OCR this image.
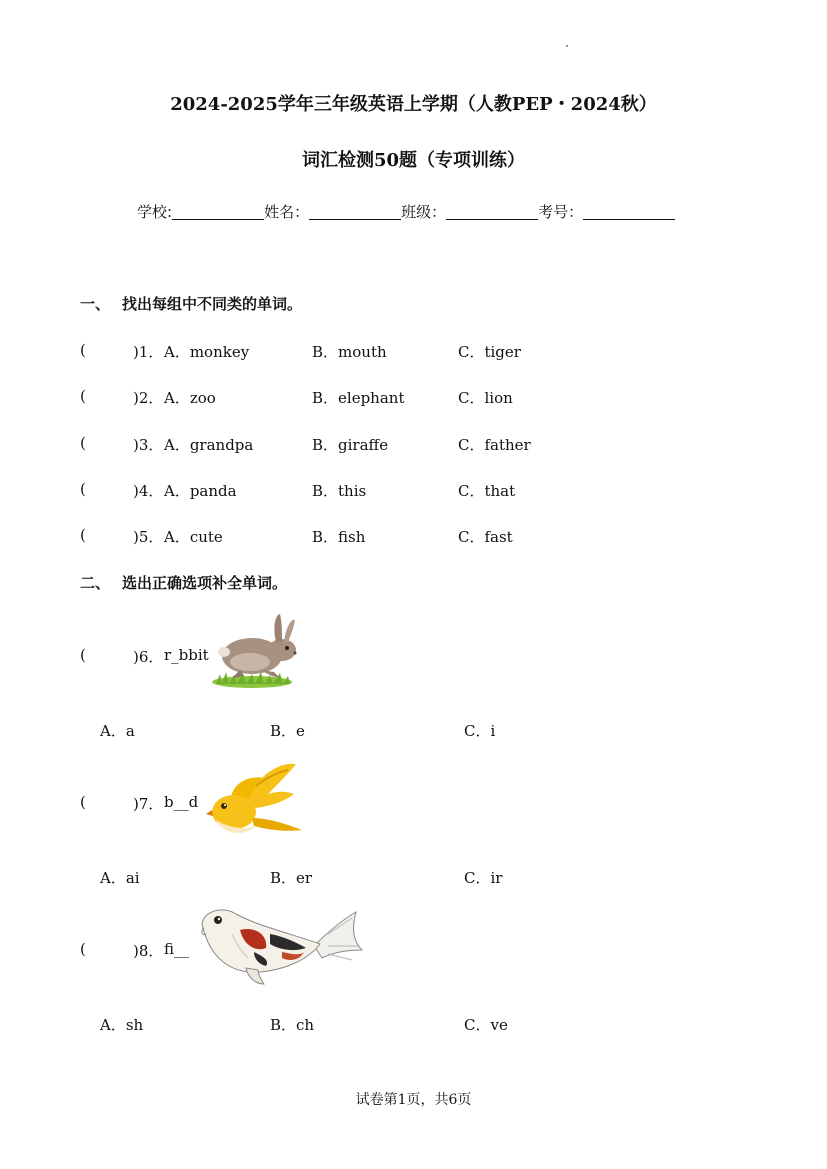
2024-2025学年三年级英语上学期（人教PEP・2024秋）
词汇检测50题（专项训练）
学校:	姓名：	班级：	考号：
一、 找出每组中不同类的单词。
(	)1． A．monkey	B．mouth	C．tiger
(	)2． A．zoo	B．elephant	C．lion
(	)3． A．grandpa	B．giraffe	C．father
(	)4． A．panda	B．this	C．that
(	)5． A．cute	B．fish	C．fast
二、 选出正确选项补全单词。
(	)6． r_bbit
A．a	B．e	C．i
(	)7． b__d
A．ai	B．er	C．ir
(	)8． fi__
A．sh	B．ch	C．ve
试卷第1页，共6页
